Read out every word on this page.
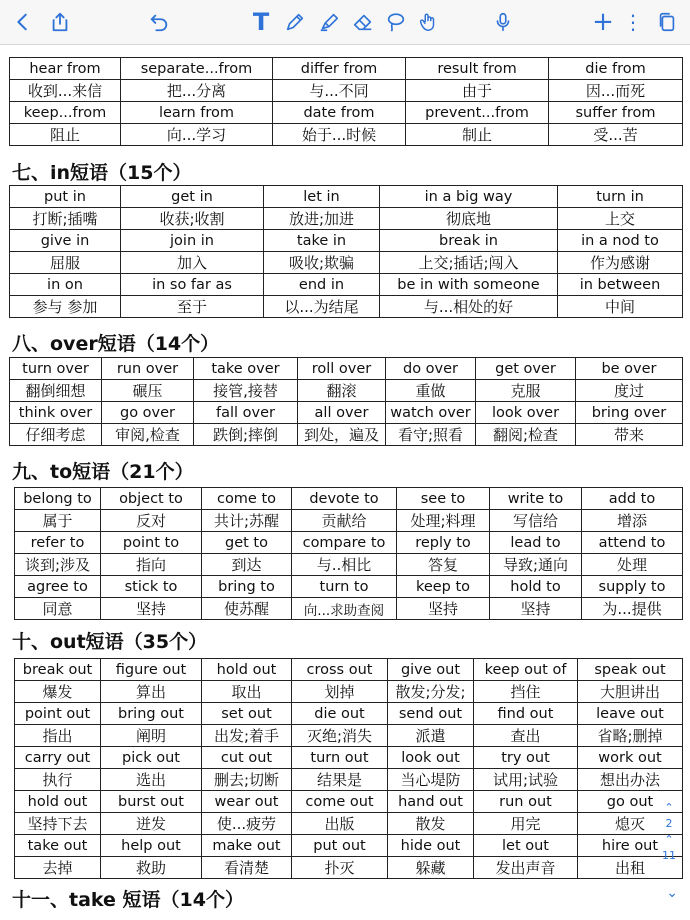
T	+ ⋮
hear from	separate...from	differ from	result from	die from
收到...来信	把...分离	与...不同	由于	因...而死
keep...from	learn from	date from	prevent...from	suffer from
阻止	向...学习	始于...时候	制止	受...苦
七、in短语（15个）
put in	get in	let in	in a big way	turn in
打断;插嘴	收获;收割	放进;加进	彻底地	上交
give in	join in	take in	break in	in a nod to
屈服	加入	吸收;欺骗	上交;插话;闯入	作为感谢
in on	in so far as	end in	be in with someone	in between
参与 参加	至于	以...为结尾	与...相处的好	中间
八、over短语（14个）
turn over	run over	take over	roll over	do over	get over	be over
翻倒细想	碾压	接管,接替	翻滚	重做	克服	度过
think over	go over	fall over	all over	watch over	look over	bring over
仔细考虑	审阅,检查	跌倒;摔倒	到处，遍及	看守;照看	翻阅;检查	带来
九、to短语（21个）
belong to	object to	come to	devote to	see to	write to	add to
属于	反对	共计;苏醒	贡献给	处理;料理	写信给	增添
refer to	point to	get to	compare to	reply to	lead to	attend to
谈到;涉及	指向	到达	与..相比	答复	导致;通向	处理
agree to	stick to	bring to	turn to	keep to	hold to	supply to
同意	坚持	使苏醒	向...求助查阅	坚持	坚持	为...提供
十、out短语（35个）
break out	figure out	hold out	cross out	give out	keep out of	speak out
爆发	算出	取出	划掉	散发;分发;	挡住	大胆讲出
point out	bring out	set out	die out	send out	find out	leave out
指出	阐明	出发;着手	灭绝;消失	派遣	查出	省略;删掉
carry out	pick out	cut out	turn out	look out	try out	work out
执行	选出	删去;切断	结果是	当心堤防	试用;试验	想出办法
hold out	burst out	wear out	come out	hand out	run out	go out
坚持下去	迸发	使...疲劳	出版	散发	用完	熄灭
take out	help out	make out	put out	hide out	let out	hire out
去掉	救助	看清楚	扑灭	躲藏	发出声音	出租
十一、take 短语（14个）
⌃
2
⌃
11
⌄
